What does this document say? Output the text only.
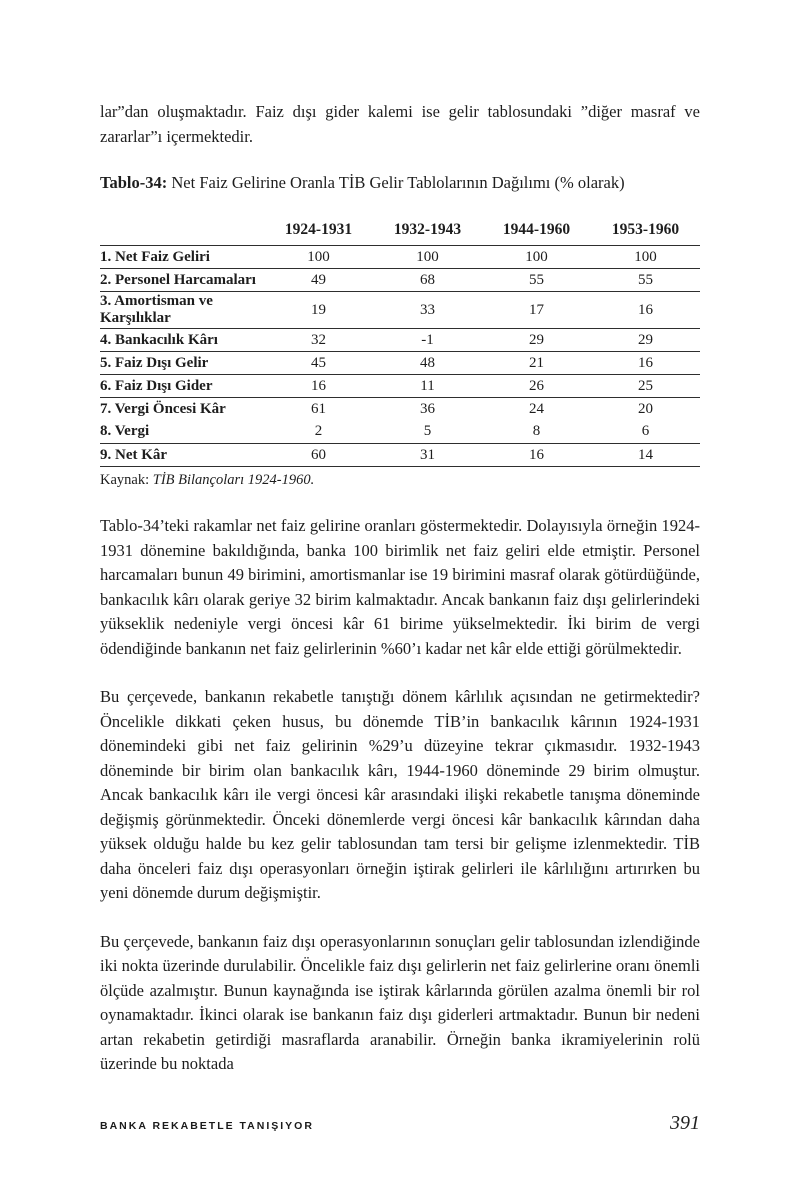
lar”dan oluşmaktadır. Faiz dışı gider kalemi ise gelir tablosundaki ”diğer masraf ve zararlar”ı içermektedir.

Tablo-34: Net Faiz Gelirine Oranla TİB Gelir Tablolarının Dağılımı (% olarak)

	1924-1931	1932-1943	1944-1960	1953-1960
1. Net Faiz Geliri	100	100	100	100
2. Personel Harcamaları	49	68	55	55
3. Amortisman ve Karşılıklar	19	33	17	16
4. Bankacılık Kârı	32	-1	29	29
5. Faiz Dışı Gelir	45	48	21	16
6. Faiz Dışı Gider	16	11	26	25
7. Vergi Öncesi Kâr	61	36	24	20
8. Vergi	2	5	8	6
9. Net Kâr	60	31	16	14

Kaynak: TİB Bilançoları 1924-1960.

Tablo-34’teki rakamlar net faiz gelirine oranları göstermektedir. Dolayısıyla örneğin 1924-1931 dönemine bakıldığında, banka 100 birimlik net faiz geliri elde etmiştir. Personel harcamaları bunun 49 birimini, amortismanlar ise 19 birimini masraf olarak götürdüğünde, bankacılık kârı olarak geriye 32 birim kalmaktadır. Ancak bankanın faiz dışı gelirlerindeki yükseklik nedeniyle vergi öncesi kâr 61 birime yükselmektedir. İki birim de vergi ödendiğinde bankanın net faiz gelirlerinin %60’ı kadar net kâr elde ettiği görülmektedir.

Bu çerçevede, bankanın rekabetle tanıştığı dönem kârlılık açısından ne getirmektedir? Öncelikle dikkati çeken husus, bu dönemde TİB’in bankacılık kârının 1924-1931 dönemindeki gibi net faiz gelirinin %29’u düzeyine tekrar çıkmasıdır. 1932-1943 döneminde bir birim olan bankacılık kârı, 1944-1960 döneminde 29 birim olmuştur. Ancak bankacılık kârı ile vergi öncesi kâr arasındaki ilişki rekabetle tanışma döneminde değişmiş görünmektedir. Önceki dönemlerde vergi öncesi kâr bankacılık kârından daha yüksek olduğu halde bu kez gelir tablosundan tam tersi bir gelişme izlenmektedir. TİB daha önceleri faiz dışı operasyonları örneğin iştirak gelirleri ile kârlılığını artırırken bu yeni dönemde durum değişmiştir.

Bu çerçevede, bankanın faiz dışı operasyonlarının sonuçları gelir tablosundan izlendiğinde iki nokta üzerinde durulabilir. Öncelikle faiz dışı gelirlerin net faiz gelirlerine oranı önemli ölçüde azalmıştır. Bunun kaynağında ise iştirak kârlarında görülen azalma önemli bir rol oynamaktadır. İkinci olarak ise bankanın faiz dışı giderleri artmaktadır. Bunun bir nedeni artan rekabetin getirdiği masraflarda aranabilir. Örneğin banka ikramiyelerinin rolü üzerinde bu noktada

BANKA REKABETLE TANIŞIYOR	391
